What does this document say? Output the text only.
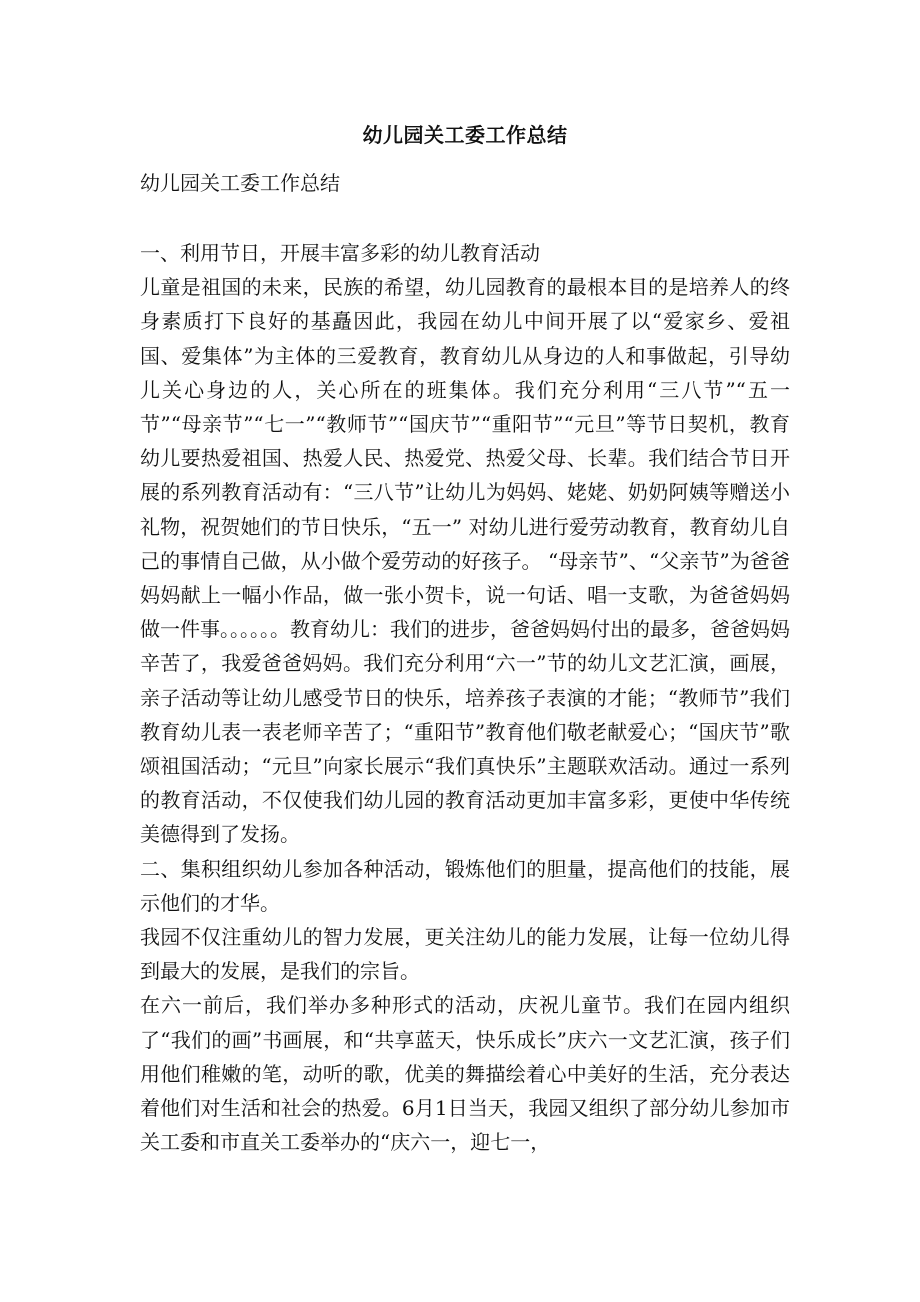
幼儿园关工委工作总结

幼儿园关工委工作总结

一、利用节日，开展丰富多彩的幼儿教育活动

儿童是祖国的未来，民族的希望，幼儿园教育的最根本目的是培养人的终身素质打下良好的基矗因此，我园在幼儿中间开展了以“爱家乡、爱祖国、爱集体”为主体的三爱教育，教育幼儿从身边的人和事做起，引导幼儿关心身边的人，关心所在的班集体。我们充分利用“三八节”“五一节”“母亲节”“七一”“教师节”“国庆节”“重阳节”“元旦”等节日契机，教育幼儿要热爱祖国、热爱人民、热爱党、热爱父母、长辈。我们结合节日开展的系列教育活动有：“三八节”让幼儿为妈妈、姥姥、奶奶阿姨等赠送小礼物，祝贺她们的节日快乐，“五一” 对幼儿进行爱劳动教育，教育幼儿自己的事情自己做，从小做个爱劳动的好孩子。 “母亲节”、“父亲节”为爸爸妈妈献上一幅小作品，做一张小贺卡，说一句话、唱一支歌，为爸爸妈妈做一件事。。。。。。教育幼儿：我们的进步，爸爸妈妈付出的最多，爸爸妈妈辛苦了，我爱爸爸妈妈。我们充分利用“六一”节的幼儿文艺汇演，画展，亲子活动等让幼儿感受节日的快乐，培养孩子表演的才能；“教师节”我们教育幼儿表一表老师辛苦了；“重阳节”教育他们敬老献爱心；“国庆节”歌颂祖国活动；“元旦”向家长展示“我们真快乐”主题联欢活动。通过一系列的教育活动，不仅使我们幼儿园的教育活动更加丰富多彩，更使中华传统美德得到了发扬。

二、集积组织幼儿参加各种活动，锻炼他们的胆量，提高他们的技能，展示他们的才华。

我园不仅注重幼儿的智力发展，更关注幼儿的能力发展，让每一位幼儿得到最大的发展，是我们的宗旨。

在六一前后，我们举办多种形式的活动，庆祝儿童节。我们在园内组织了“我们的画”书画展，和“共享蓝天，快乐成长”庆六一文艺汇演，孩子们用他们稚嫩的笔，动听的歌，优美的舞描绘着心中美好的生活，充分表达着他们对生活和社会的热爱。6月1日当天，我园又组织了部分幼儿参加市关工委和市直关工委举办的“庆六一，迎七一，
